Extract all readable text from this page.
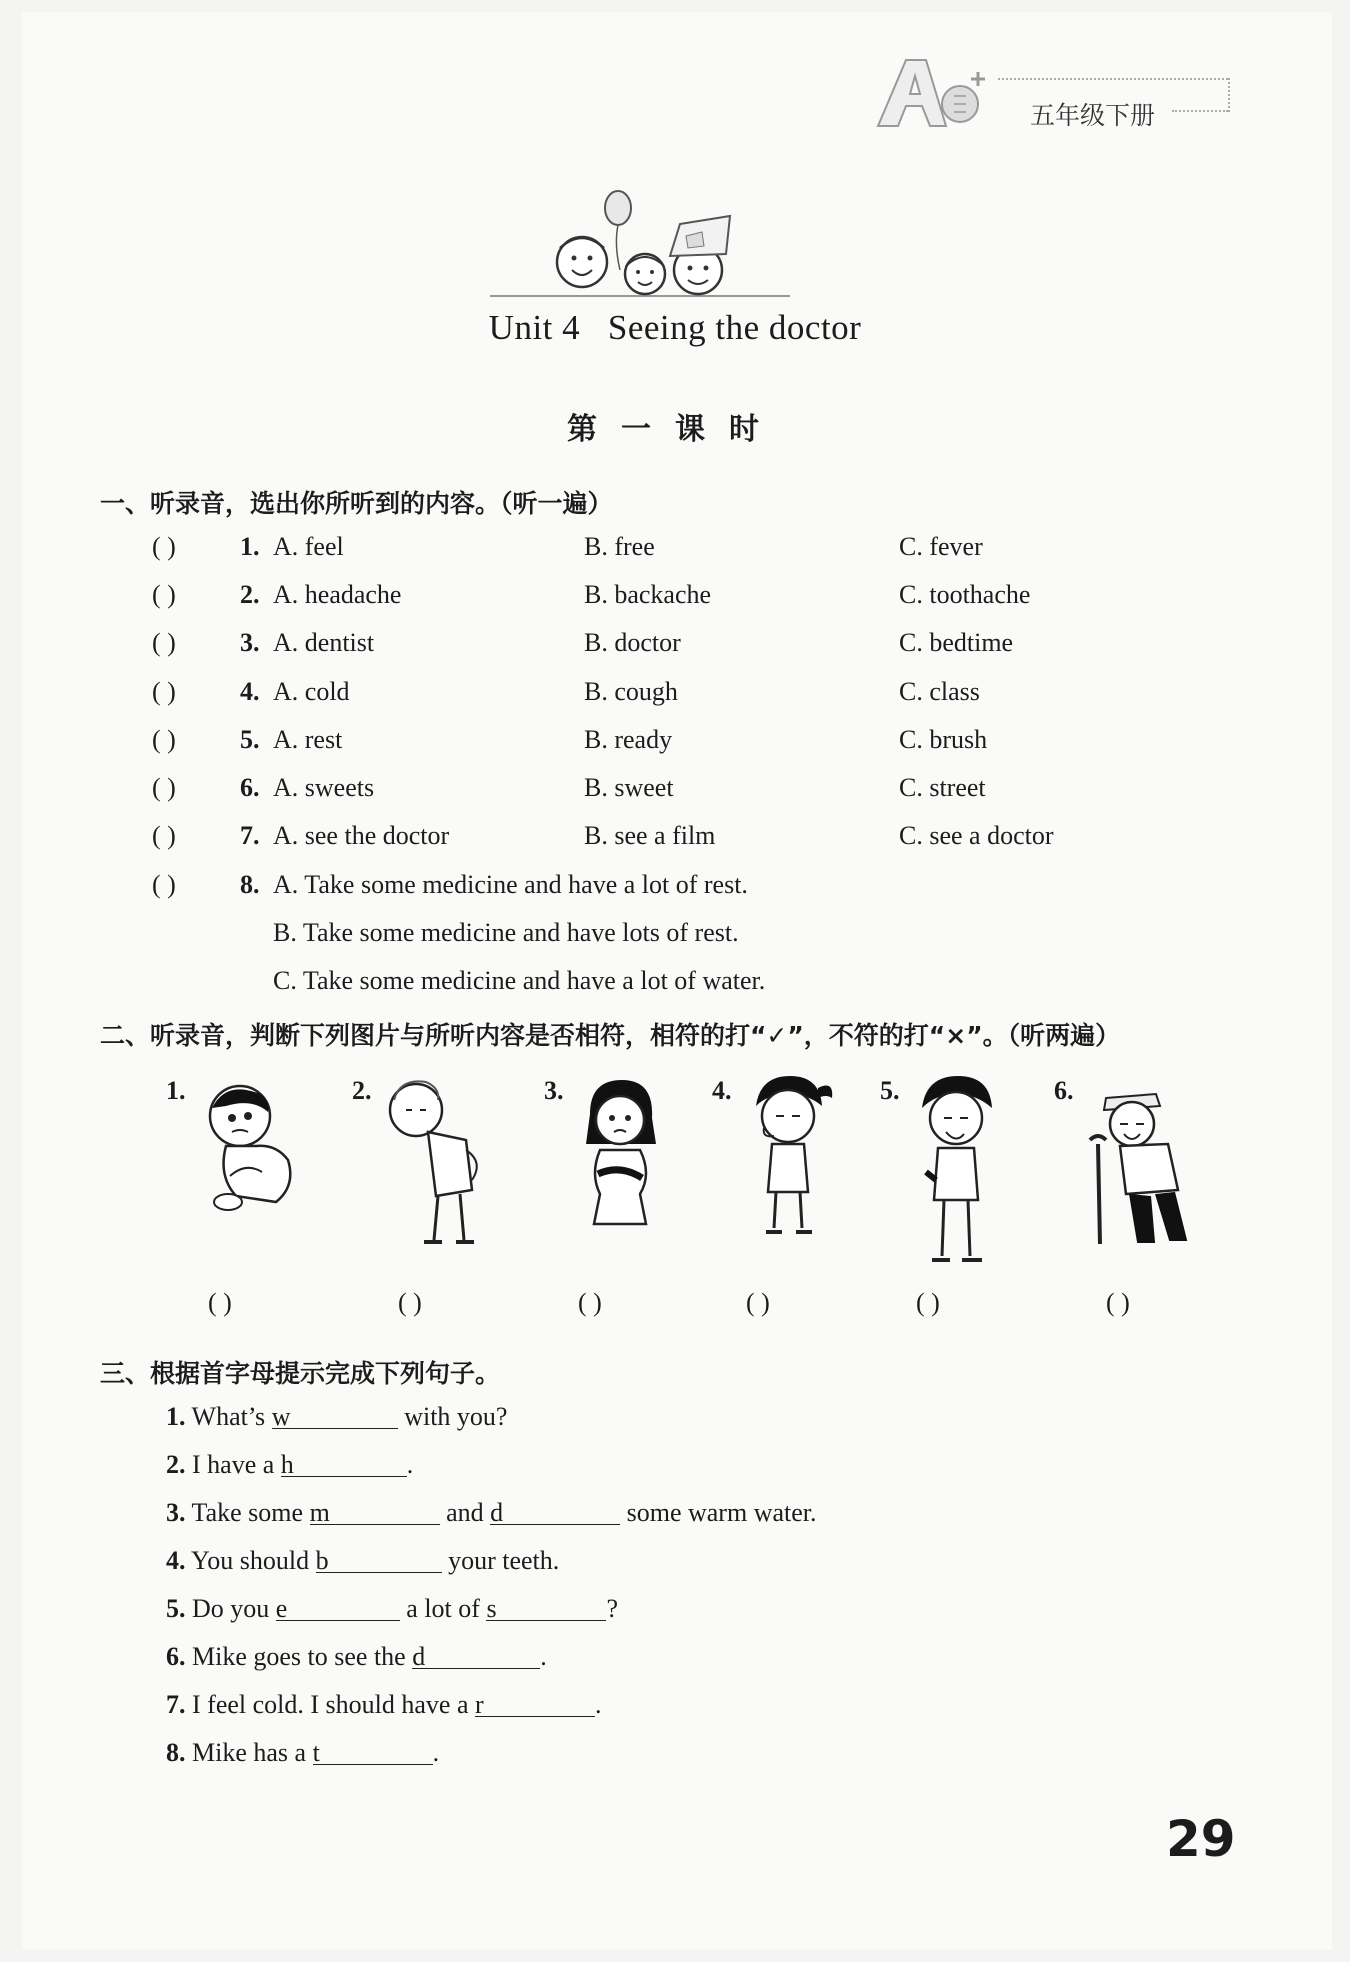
五年级下册
Unit 4   Seeing the doctor
第一课时
一、听录音，选出你所听到的内容。（听一遍）
( ) 1. A. feel	B. free	C. fever
( ) 2. A. headache	B. backache	C. toothache
( ) 3. A. dentist	B. doctor	C. bedtime
( ) 4. A. cold	B. cough	C. class
( ) 5. A. rest	B. ready	C. brush
( ) 6. A. sweets	B. sweet	C. street
( ) 7. A. see the doctor	B. see a film	C. see a doctor
( ) 8. A. Take some medicine and have a lot of rest.
B. Take some medicine and have lots of rest.
C. Take some medicine and have a lot of water.
二、听录音，判断下列图片与所听内容是否相符，相符的打“✓”，不符的打“×”。（听两遍）
1.	2.	3.	4.	5.	6.
( )	( )	( )	( )	( )	( )
三、根据首字母提示完成下列句子。
1. What’s w	with you?
2. I have a h	.
3. Take some m	and d	some warm water.
4. You should b	your teeth.
5. Do you e	a lot of s	?
6. Mike goes to see the d	.
7. I feel cold. I should have a r	.
8. Mike has a t	.
29
